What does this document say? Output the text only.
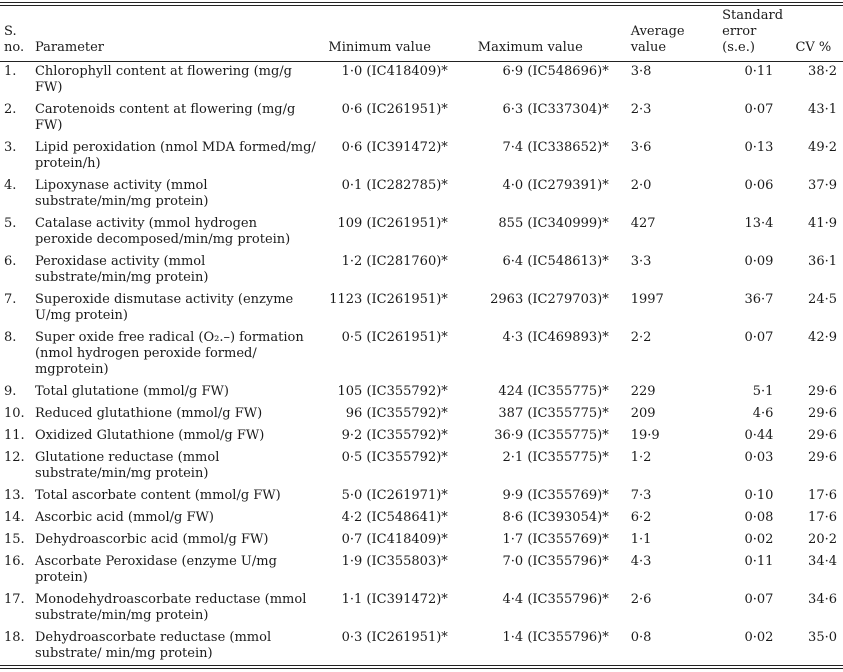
S. no.	Parameter	Minimum value	Maximum value	Average value	Standard error (s.e.)	CV %
1.	Chlorophyll content at flowering (mg/g FW)	1·0 (IC418409)*	6·9 (IC548696)*	3·8	0·11	38·2
2.	Carotenoids content at flowering (mg/g FW)	0·6 (IC261951)*	6·3 (IC337304)*	2·3	0·07	43·1
3.	Lipid peroxidation (nmol MDA formed/mg/ protein/h)	0·6 (IC391472)*	7·4 (IC338652)*	3·6	0·13	49·2
4.	Lipoxynase activity (mmol substrate/min/mg protein)	0·1 (IC282785)*	4·0 (IC279391)*	2·0	0·06	37·9
5.	Catalase activity (mmol hydrogen peroxide decomposed/min/mg protein)	109 (IC261951)*	855 (IC340999)*	427	13·4	41·9
6.	Peroxidase activity (mmol substrate/min/mg protein)	1·2 (IC281760)*	6·4 (IC548613)*	3·3	0·09	36·1
7.	Superoxide dismutase activity (enzyme U/mg protein)	1123 (IC261951)*	2963 (IC279703)*	1997	36·7	24·5
8.	Super oxide free radical (O₂.–) formation (nmol hydrogen peroxide formed/ mgprotein)	0·5 (IC261951)*	4·3 (IC469893)*	2·2	0·07	42·9
9.	Total glutatione (mmol/g FW)	105 (IC355792)*	424 (IC355775)*	229	5·1	29·6
10.	Reduced glutathione (mmol/g FW)	96 (IC355792)*	387 (IC355775)*	209	4·6	29·6
11.	Oxidized Glutathione (mmol/g FW)	9·2 (IC355792)*	36·9 (IC355775)*	19·9	0·44	29·6
12.	Glutatione reductase (mmol substrate/min/mg protein)	0·5 (IC355792)*	2·1 (IC355775)*	1·2	0·03	29·6
13.	Total ascorbate content (mmol/g FW)	5·0 (IC261971)*	9·9 (IC355769)*	7·3	0·10	17·6
14.	Ascorbic acid (mmol/g FW)	4·2 (IC548641)*	8·6 (IC393054)*	6·2	0·08	17·6
15.	Dehydroascorbic acid (mmol/g FW)	0·7 (IC418409)*	1·7 (IC355769)*	1·1	0·02	20·2
16.	Ascorbate Peroxidase (enzyme U/mg protein)	1·9 (IC355803)*	7·0 (IC355796)*	4·3	0·11	34·4
17.	Monodehydroascorbate reductase (mmol substrate/min/mg protein)	1·1 (IC391472)*	4·4 (IC355796)*	2·6	0·07	34·6
18.	Dehydroascorbate reductase (mmol substrate/ min/mg protein)	0·3 (IC261951)*	1·4 (IC355796)*	0·8	0·02	35·0
